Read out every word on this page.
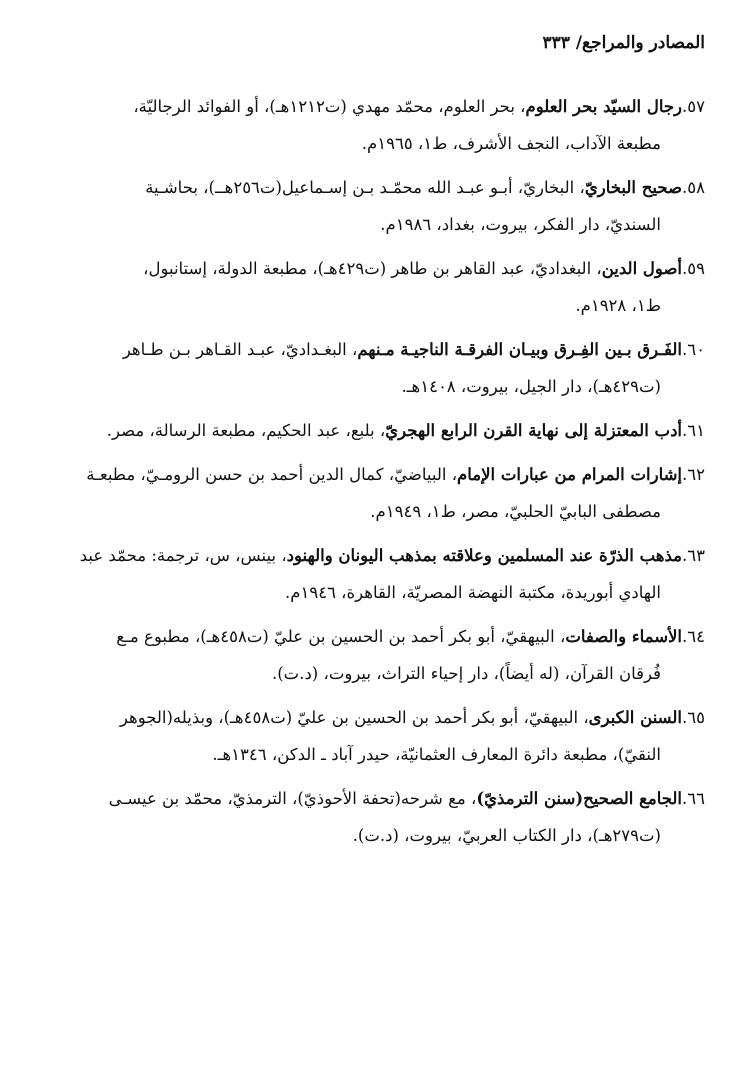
المصادر والمراجع/ ٣٣٣
٥٧.رجال السيّد بحر العلوم، بحر العلوم، محمّد مهدي (ت١٢١٢هـ)، أو الفوائد الرجاليّة،
مطبعة الآداب، النجف الأشرف، ط١، ١٩٦٥م.
٥٨.صحيح البخاريّ، البخاريّ، أبـو عبـد الله محمّـد بـن إسـماعيل(ت٢٥٦هــ)، بحاشـية
السنديّ، دار الفكر، بيروت، بغداد، ١٩٨٦م.
٥٩.أصول الدين، البغداديّ، عبد القاهر بن طاهر (ت٤٢٩هـ)، مطبعة الدولة، إستانبول،
ط١، ١٩٢٨م.
٦٠.الفَـرق بـين الفِـرق وبيـان الفرقـة الناجيـة مـنهم، البغـداديّ، عبـد القـاهر بـن طـاهر
(ت٤٢٩هـ)، دار الجيل، بيروت، ١٤٠٨هـ.
٦١.أدب المعتزلة إلى نهاية القرن الرابع الهجريّ، بلبع، عبد الحكيم، مطبعة الرسالة، مصر.
٦٢.إشارات المرام من عبارات الإمام، البياضيّ، كمال الدين أحمد بن حسن الرومـيّ، مطبعـة
مصطفى البابيّ الحلبيّ، مصر، ط١، ١٩٤٩م.
٦٣.مذهب الذرّة عند المسلمين وعلاقته بمذهب اليونان والهنود، بينس، س، ترجمة: محمّد عبد
الهادي أبوريدة، مكتبة النهضة المصريّة، القاهرة، ١٩٤٦م.
٦٤.الأسماء والصفات، البيهقيّ، أبو بكر أحمد بن الحسين بن عليّ (ت٤٥٨هـ)، مطبوع مـع
فُرقان القرآن، (له أيضاً)، دار إحياء التراث، بيروت، (د.ت).
٦٥.السنن الكبرى، البيهقيّ، أبو بكر أحمد بن الحسين بن عليّ (ت٤٥٨هـ)، وبذيله(الجوهر
النقيّ)، مطبعة دائرة المعارف العثمانيّة، حيدر آباد ـ الدكن، ١٣٤٦هـ.
٦٦.الجامع الصحيح(سنن الترمذيّ)، مع شرحه(تحفة الأحوذيّ)، الترمذيّ، محمّد بن عيسـى
(ت٢٧٩هـ)، دار الكتاب العربيّ، بيروت، (د.ت).
